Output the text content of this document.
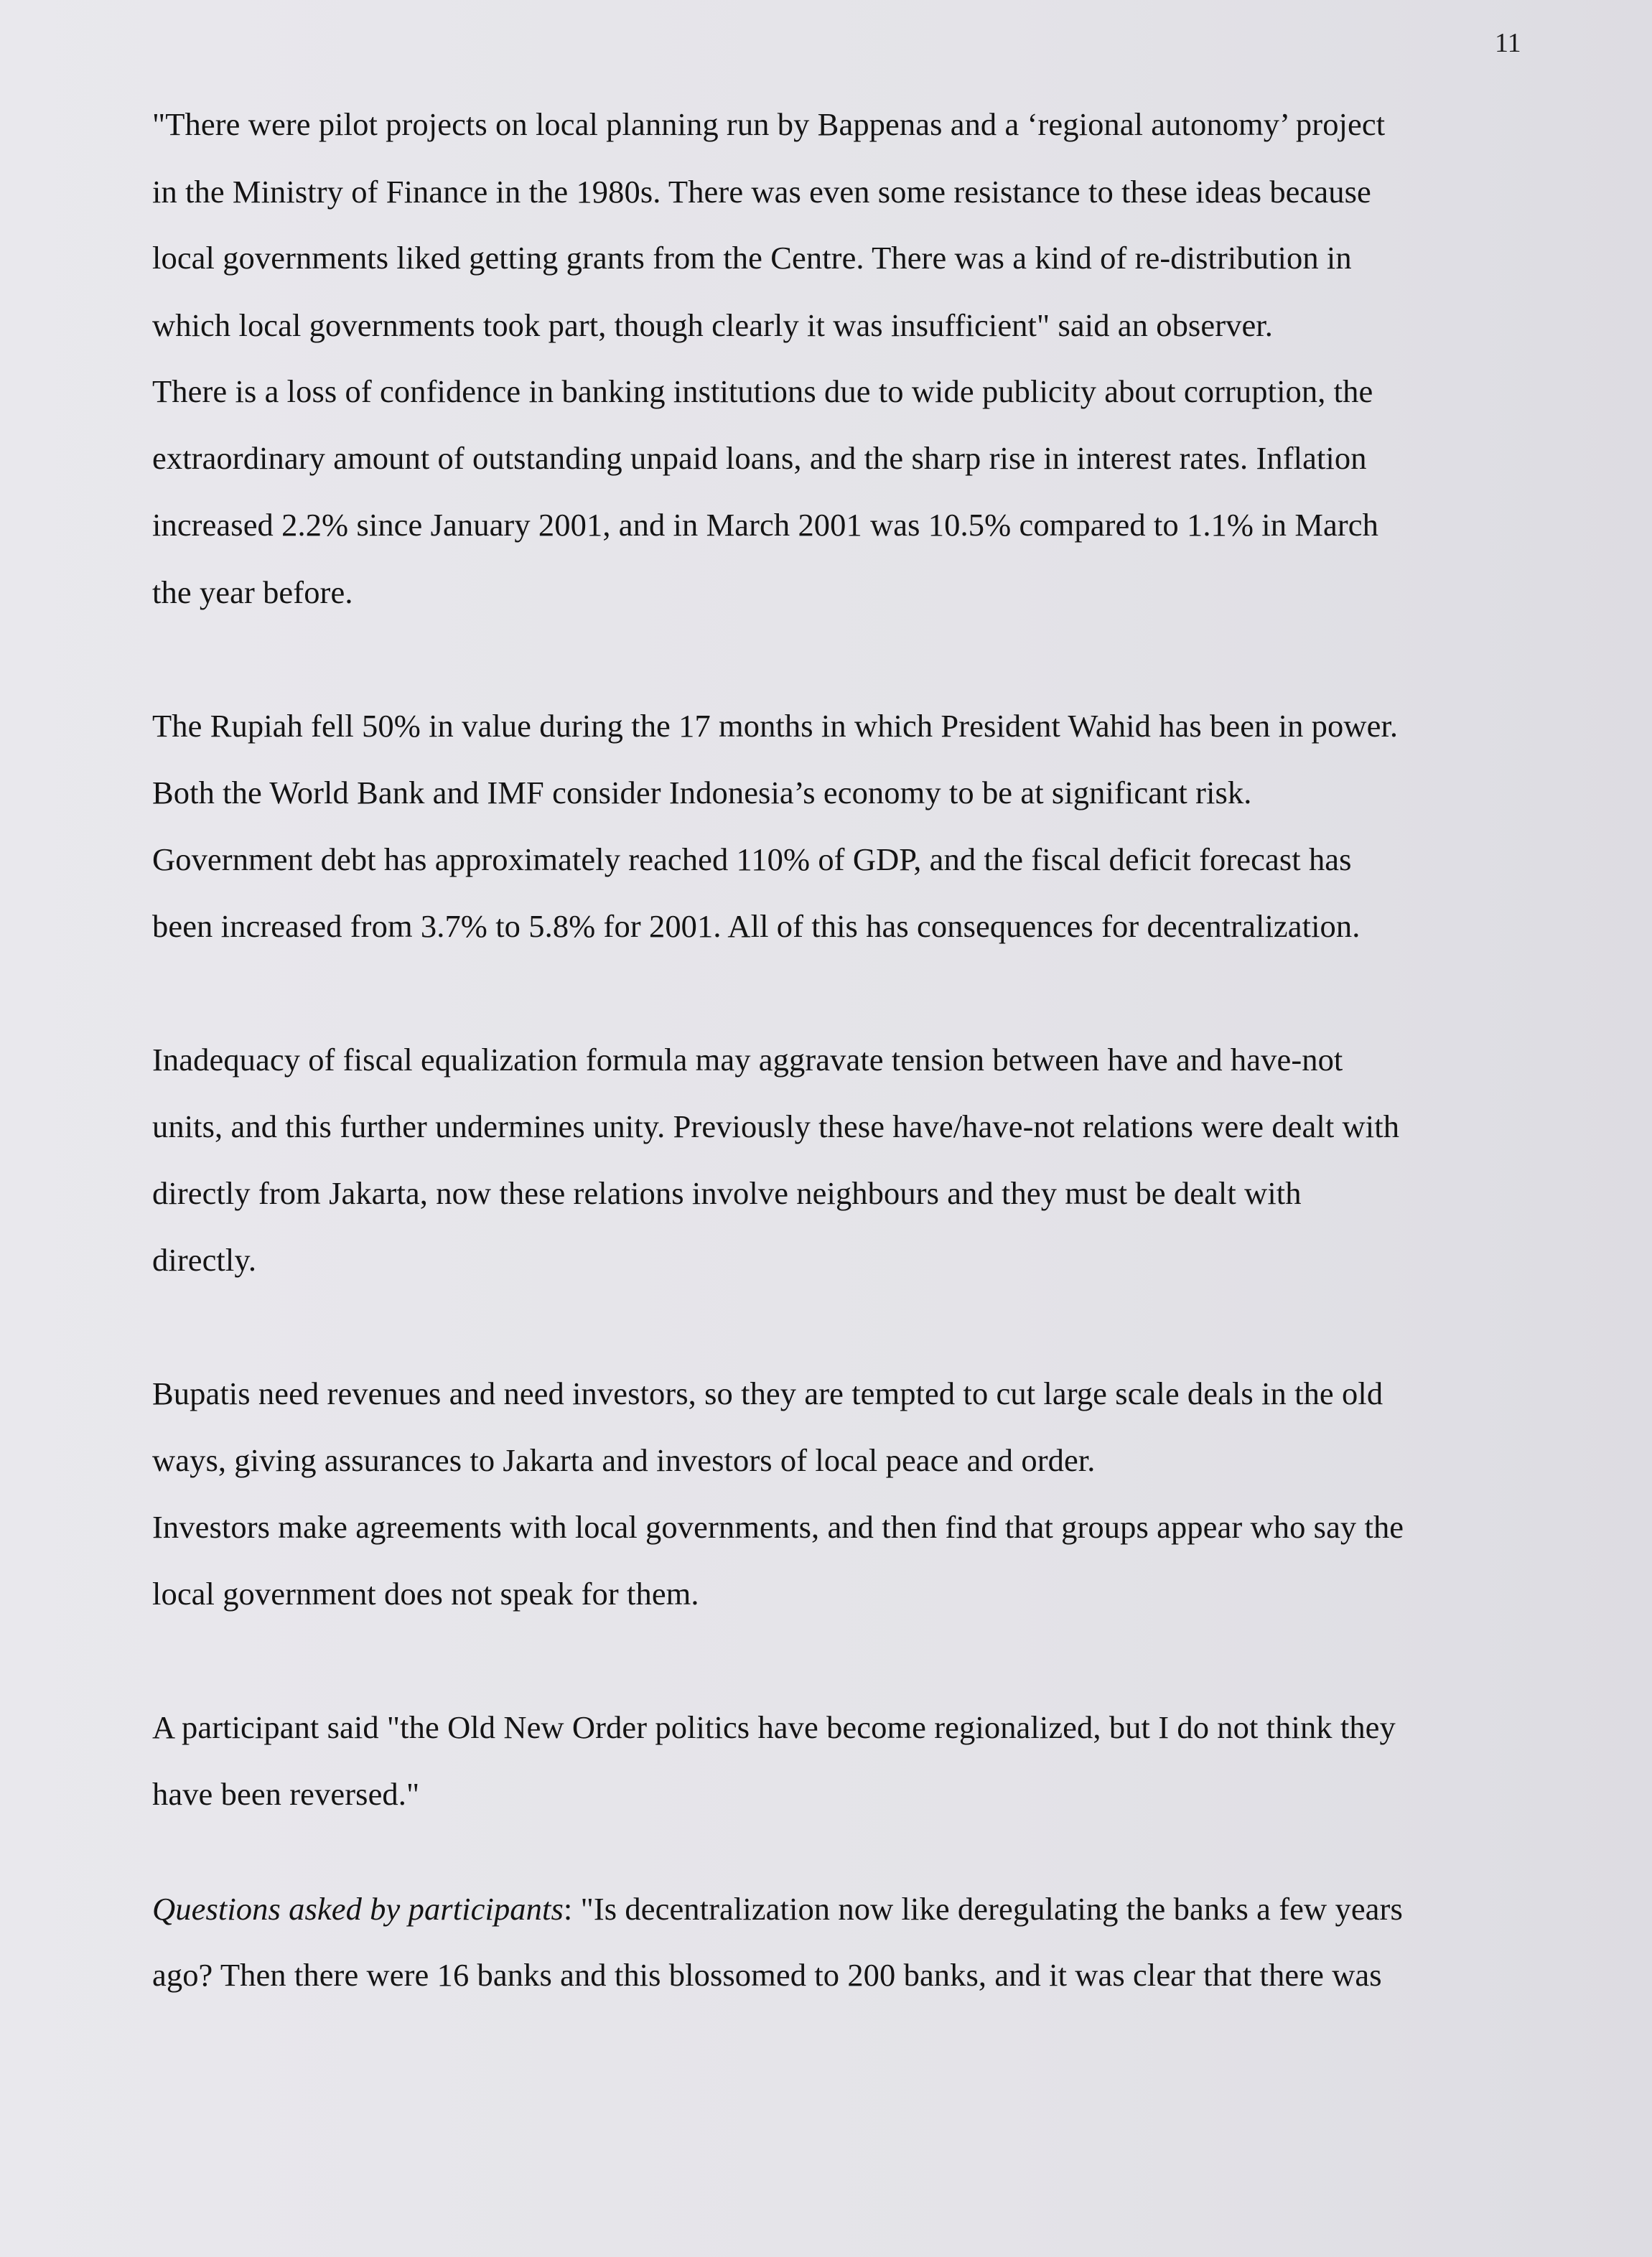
11
"There were pilot projects on local planning run by Bappenas and a ‘regional autonomy’ project
in the Ministry of Finance in the 1980s. There was even some resistance to these ideas because
local governments liked getting grants from the Centre. There was a kind of re-distribution in
which local governments took part, though clearly it was insufficient" said an observer.
There is a loss of confidence in banking institutions due to wide publicity about corruption, the
extraordinary amount of outstanding unpaid loans, and the sharp rise in interest rates. Inflation
increased 2.2% since January 2001, and in March 2001 was 10.5% compared to 1.1% in March
the year before.
The Rupiah fell 50% in value during the 17 months in which President Wahid has been in power.
Both the World Bank and IMF consider Indonesia’s economy to be at significant risk.
Government debt has approximately reached 110% of GDP, and the fiscal deficit forecast has
been increased from 3.7% to 5.8% for 2001. All of this has consequences for decentralization.
Inadequacy of fiscal equalization formula may aggravate tension between have and have-not
units, and this further undermines unity. Previously these have/have-not relations were dealt with
directly from Jakarta, now these relations involve neighbours and they must be dealt with
directly.
Bupatis need revenues and need investors, so they are tempted to cut large scale deals in the old
ways, giving assurances to Jakarta and investors of local peace and order.
Investors make agreements with local governments, and then find that groups appear who say the
local government does not speak for them.
A participant said "the Old New Order politics have become regionalized, but I do not think they
have been reversed."
Questions asked by participants: "Is decentralization now like deregulating the banks a few years
ago? Then there were 16 banks and this blossomed to 200 banks, and it was clear that there was
